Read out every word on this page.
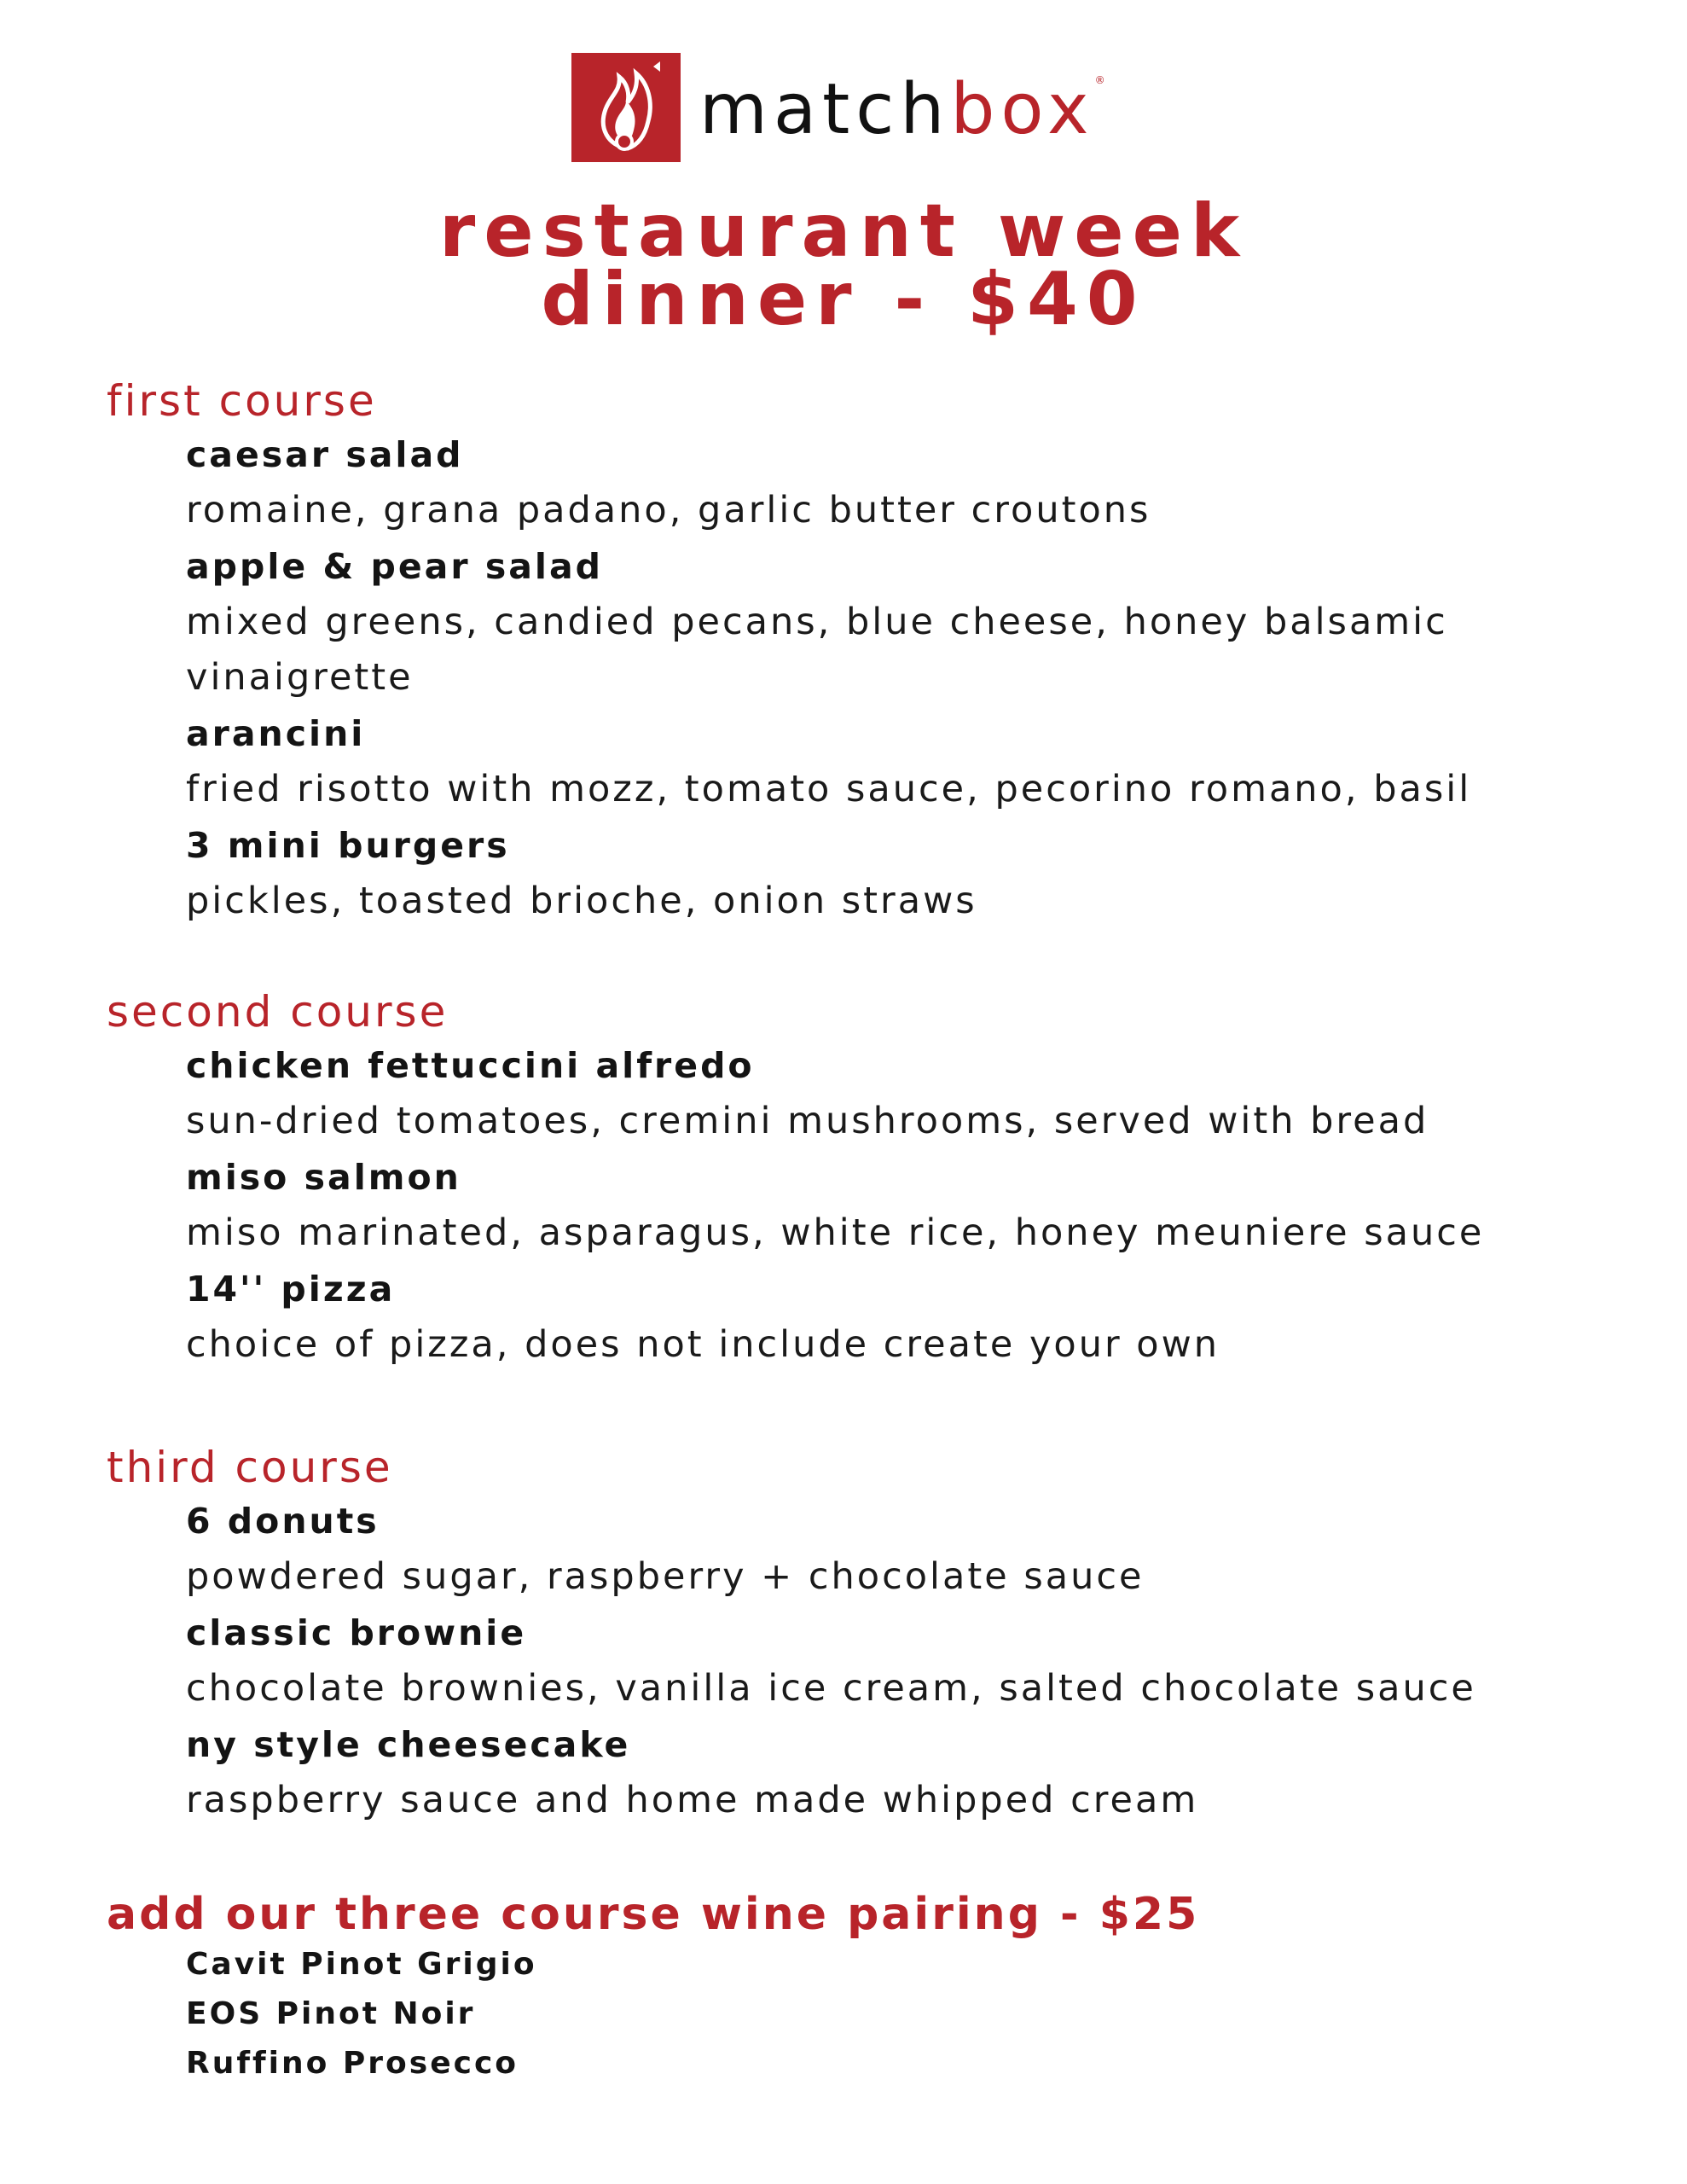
matchbox®
restaurant week
dinner - $40
first course
caesar salad
romaine, grana padano, garlic butter croutons
apple & pear salad
mixed greens, candied pecans, blue cheese, honey balsamic vinaigrette
arancini
fried risotto with mozz, tomato sauce, pecorino romano, basil
3 mini burgers
pickles, toasted brioche, onion straws
second course
chicken fettuccini alfredo
sun-dried tomatoes, cremini mushrooms, served with bread
miso salmon
miso marinated, asparagus, white rice, honey meuniere sauce
14'' pizza
choice of pizza, does not include create your own
third course
6 donuts
powdered sugar, raspberry + chocolate sauce
classic brownie
chocolate brownies, vanilla ice cream, salted chocolate sauce
ny style cheesecake
raspberry sauce and home made whipped cream
add our three course wine pairing - $25
Cavit Pinot Grigio
EOS Pinot Noir
Ruffino Prosecco
